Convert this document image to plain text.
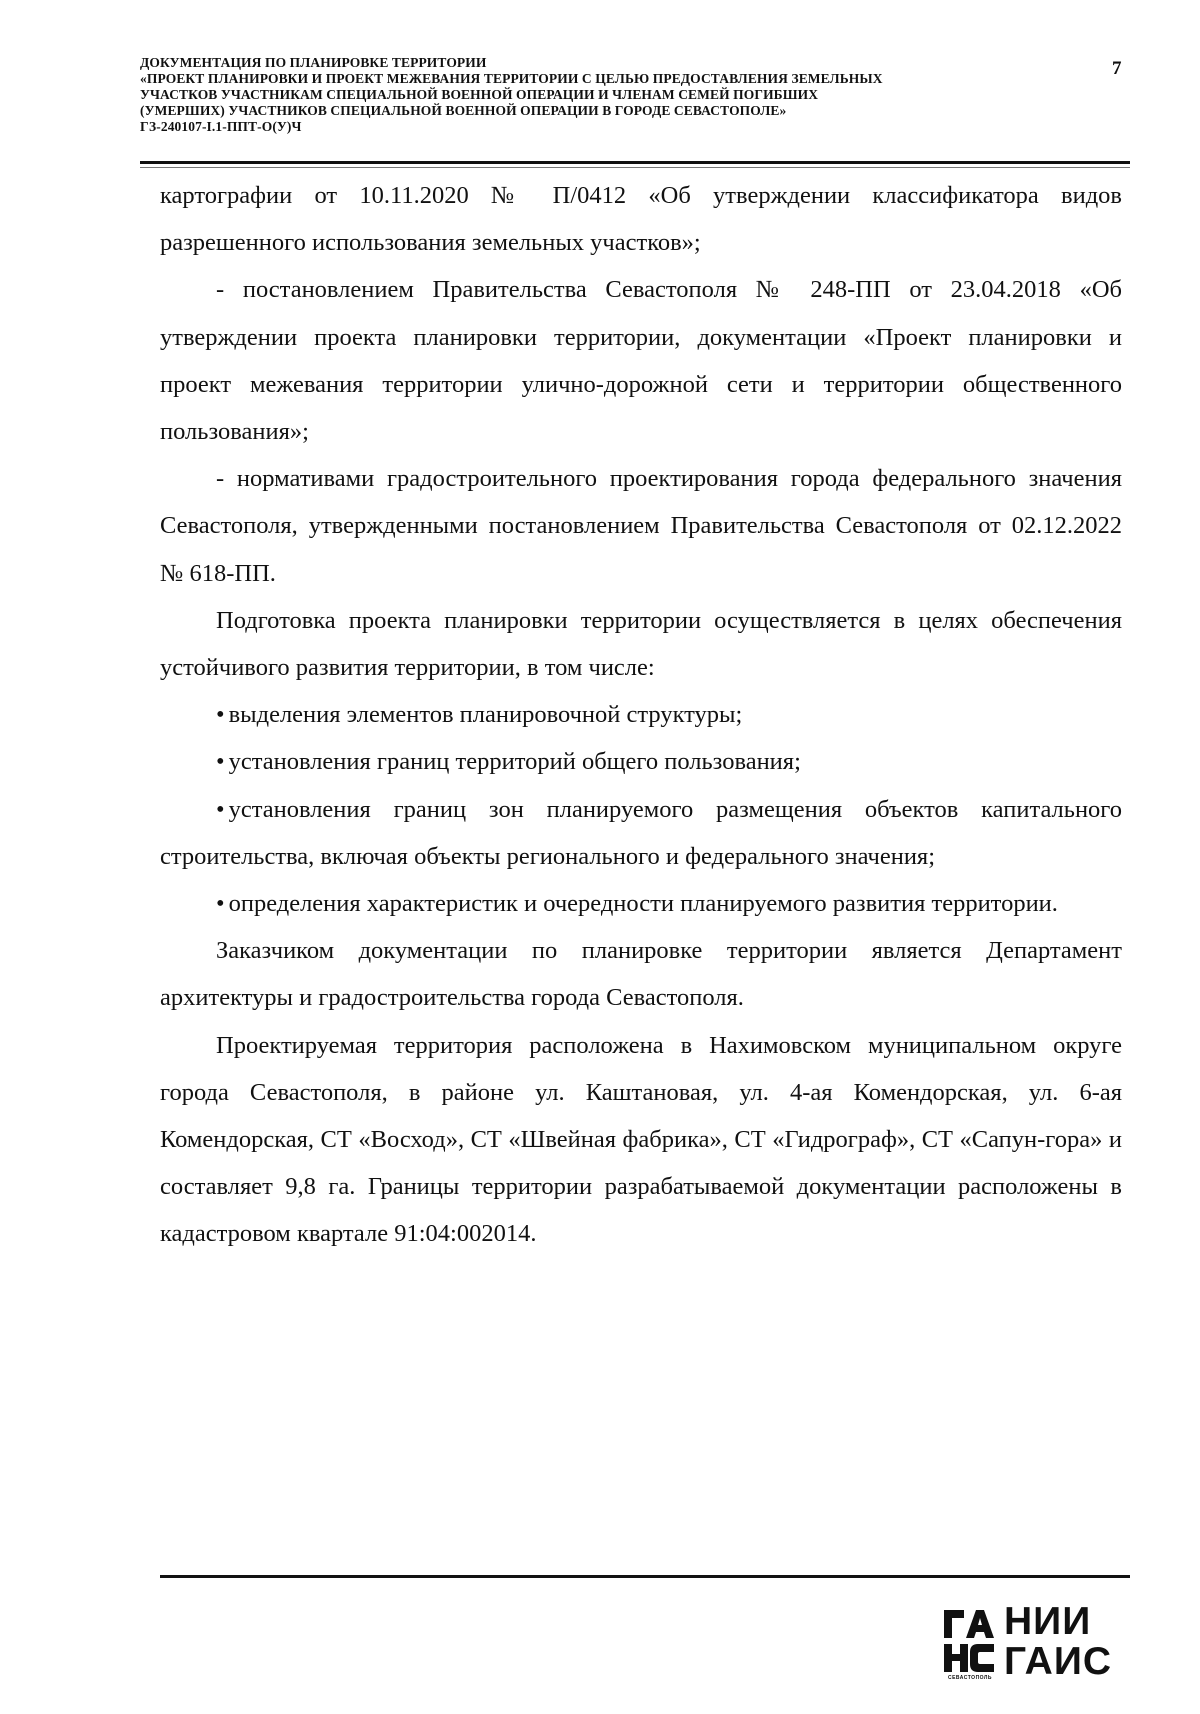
ДОКУМЕНТАЦИЯ ПО ПЛАНИРОВКЕ ТЕРРИТОРИИ
«ПРОЕКТ ПЛАНИРОВКИ И ПРОЕКТ МЕЖЕВАНИЯ ТЕРРИТОРИИ С ЦЕЛЬЮ ПРЕДОСТАВЛЕНИЯ ЗЕМЕЛЬНЫХ
УЧАСТКОВ УЧАСТНИКАМ СПЕЦИАЛЬНОЙ ВОЕННОЙ ОПЕРАЦИИ И ЧЛЕНАМ СЕМЕЙ ПОГИБШИХ
(УМЕРШИХ) УЧАСТНИКОВ СПЕЦИАЛЬНОЙ ВОЕННОЙ ОПЕРАЦИИ В ГОРОДЕ СЕВАСТОПОЛЕ»
ГЗ-240107-I.1-ППТ-О(У)Ч
7

картографии от 10.11.2020 № П/0412 «Об утверждении классификатора видов разрешенного использования земельных участков»;

- постановлением Правительства Севастополя № 248-ПП от 23.04.2018 «Об утверждении проекта планировки территории, документации «Проект планировки и проект межевания территории улично-дорожной сети и территории общественного пользования»;

- нормативами градостроительного проектирования города федерального значения Севастополя, утвержденными постановлением Правительства Севастополя от 02.12.2022 № 618-ПП.

Подготовка проекта планировки территории осуществляется в целях обеспечения устойчивого развития территории, в том числе:

• выделения элементов планировочной структуры;

• установления границ территорий общего пользования;

• установления границ зон планируемого размещения объектов капитального строительства, включая объекты регионального и федерального значения;

• определения характеристик и очередности планируемого развития территории.

Заказчиком документации по планировке территории является Департамент архитектуры и градостроительства города Севастополя.

Проектируемая территория расположена в Нахимовском муниципальном округе города Севастополя, в районе ул. Каштановая, ул. 4-ая Комендорская, ул. 6-ая Комендорская, СТ «Восход», СТ «Швейная фабрика», СТ «Гидрограф», СТ «Сапун-гора» и составляет 9,8 га. Границы территории разрабатываемой документации расположены в кадастровом квартале 91:04:002014.

СЕВАСТОПОЛЬ
НИИ
ГАИС
